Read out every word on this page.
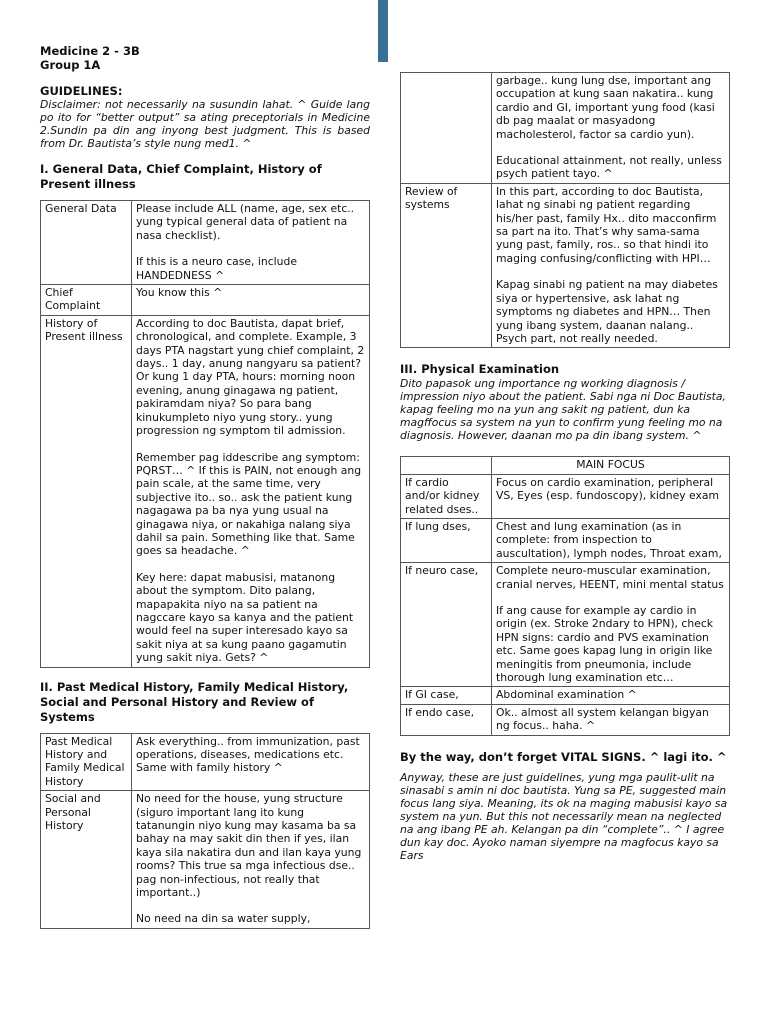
Medicine 2 - 3B
Group 1A
GUIDELINES:
Disclaimer: not necessarily na susundin lahat. ^ Guide lang po ito for “better output” sa ating preceptorials in Medicine 2.Sundin pa din ang inyong best judgment. This is based from Dr. Bautista’s style nung med1. ^
I. General Data, Chief Complaint, History of Present illness
General Data	Please include ALL (name, age, sex etc.. yung typical general data of patient na nasa checklist).
If this is a neuro case, include HANDEDNESS ^

Chief Complaint	You know this ^

History of Present illness	According to doc Bautista, dapat brief, chronological, and complete. Example, 3 days PTA nagstart yung chief complaint, 2 days.. 1 day, anung nangyaru sa patient? Or kung 1 day PTA, hours: morning noon evening, anung ginagawa ng patient, pakiramdam niya? So para bang kinukumpleto niyo yung story.. yung progression ng symptom til admission.
Remember pag iddescribe ang symptom: PQRST… ^ If this is PAIN, not enough ang pain scale, at the same time, very subjective ito.. so.. ask the patient kung nagagawa pa ba nya yung usual na ginagawa niya, or nakahiga nalang siya dahil sa pain. Something like that. Same goes sa headache. ^
Key here: dapat mabusisi, matanong about the symptom. Dito palang, mapapakita niyo na sa patient na nagccare kayo sa kanya and the patient would feel na super interesado kayo sa sakit niya at sa kung paano gagamutin yung sakit niya. Gets? ^
II. Past Medical History, Family Medical History, Social and Personal History and Review of Systems
Past Medical History and Family Medical History	Ask everything.. from immunization, past operations, diseases, medications etc. Same with family history ^

Social and Personal History	No need for the house, yung structure (siguro important lang ito kung tatanungin niyo kung may kasama ba sa bahay na may sakit din then if yes, ilan kaya sila nakatira dun and ilan kaya yung rooms? This true sa mga infectious dse.. pag non-infectious, not really that important..)
No need na din sa water supply,

	garbage.. kung lung dse, important ang occupation at kung saan nakatira.. kung cardio and GI, important yung food (kasi db pag maalat or masyadong macholesterol, factor sa cardio yun).
Educational attainment, not really, unless psych patient tayo. ^

Review of systems	In this part, according to doc Bautista, lahat ng sinabi ng patient regarding his/her past, family Hx.. dito macconfirm sa part na ito. That’s why sama-sama yung past, family, ros.. so that hindi ito maging confusing/conflicting with HPI…
Kapag sinabi ng patient na may diabetes siya or hypertensive, ask lahat ng symptoms ng diabetes and HPN… Then yung ibang system, daanan nalang.. Psych part, not really needed.
III. Physical Examination
Dito papasok ung importance ng working diagnosis / impression niyo about the patient. Sabi nga ni Doc Bautista, kapag feeling mo na yun ang sakit ng patient, dun ka magffocus sa system na yun to confirm yung feeling mo na diagnosis. However, daanan mo pa din ibang system. ^
	MAIN FOCUS
If cardio and/or kidney related dses..	Focus on cardio examination, peripheral VS, Eyes (esp. fundoscopy), kidney exam
If lung dses,	Chest and lung examination (as in complete: from inspection to auscultation), lymph nodes, Throat exam,
If neuro case,	Complete neuro-muscular examination, cranial nerves, HEENT, mini mental status
If ang cause for example ay cardio in origin (ex. Stroke 2ndary to HPN), check HPN signs: cardio and PVS examination etc. Same goes kapag lung in origin like meningitis from pneumonia, include thorough lung examination etc…

If GI case,	Abdominal examination ^
If endo case,	Ok.. almost all system kelangan bigyan ng focus.. haha. ^
By the way, don’t forget VITAL SIGNS. ^ lagi ito. ^
Anyway, these are just guidelines, yung mga paulit-ulit na sinasabi s amin ni doc bautista. Yung sa PE, suggested main focus lang siya. Meaning, its ok na maging mabusisi kayo sa system na yun. But this not necessarily mean na neglected na ang ibang PE ah. Kelangan pa din “complete”.. ^ I agree dun kay doc. Ayoko naman siyempre na magfocus kayo sa Ears
